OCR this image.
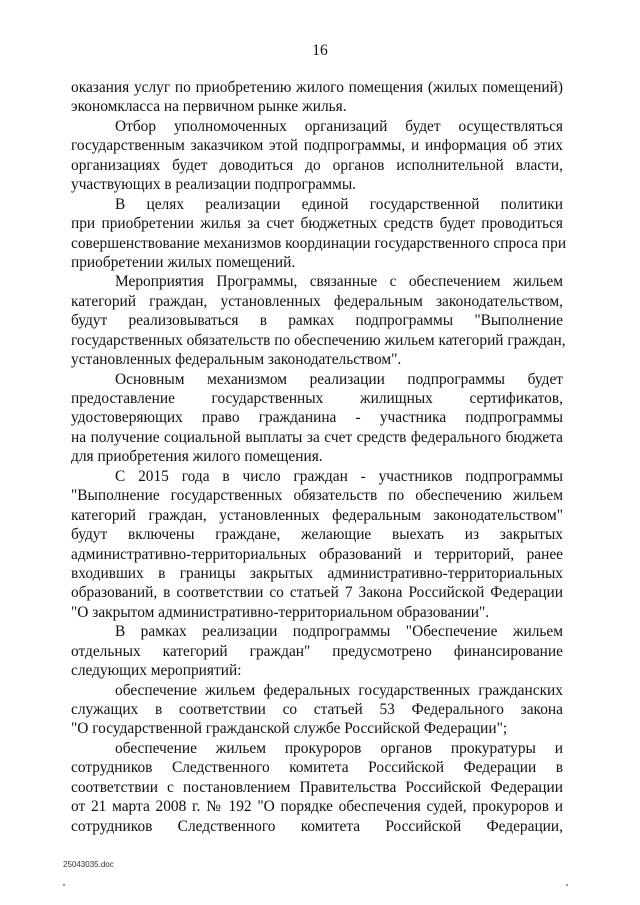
16
оказания услуг по приобретению жилого помещения (жилых помещений)
экономкласса на первичном рынке жилья.
Отбор уполномоченных организаций будет осуществляться
государственным заказчиком этой подпрограммы, и информация об этих
организациях будет доводиться до органов исполнительной власти,
участвующих в реализации подпрограммы.
В целях реализации единой государственной политики
при приобретении жилья за счет бюджетных средств будет проводиться
совершенствование механизмов координации государственного спроса при
приобретении жилых помещений.
Мероприятия Программы, связанные с обеспечением жильем
категорий граждан, установленных федеральным законодательством,
будут реализовываться в рамках подпрограммы "Выполнение
государственных обязательств по обеспечению жильем категорий граждан,
установленных федеральным законодательством".
Основным механизмом реализации подпрограммы будет
предоставление государственных жилищных сертификатов,
удостоверяющих право гражданина - участника подпрограммы
на получение социальной выплаты за счет средств федерального бюджета
для приобретения жилого помещения.
С 2015 года в число граждан - участников подпрограммы
"Выполнение государственных обязательств по обеспечению жильем
категорий граждан, установленных федеральным законодательством"
будут включены граждане, желающие выехать из закрытых
административно-территориальных образований и территорий, ранее
входивших в границы закрытых административно-территориальных
образований, в соответствии со статьей 7 Закона Российской Федерации
"О закрытом административно-территориальном образовании".
В рамках реализации подпрограммы "Обеспечение жильем
отдельных категорий граждан" предусмотрено финансирование
следующих мероприятий:
обеспечение жильем федеральных государственных гражданских
служащих в соответствии со статьей 53 Федерального закона
"О государственной гражданской службе Российской Федерации";
обеспечение жильем прокуроров органов прокуратуры и
сотрудников Следственного комитета Российской Федерации в
соответствии с постановлением Правительства Российской Федерации
от 21 марта 2008 г. № 192 "О порядке обеспечения судей, прокуроров и
сотрудников Следственного комитета Российской Федерации,
25043035.doc
